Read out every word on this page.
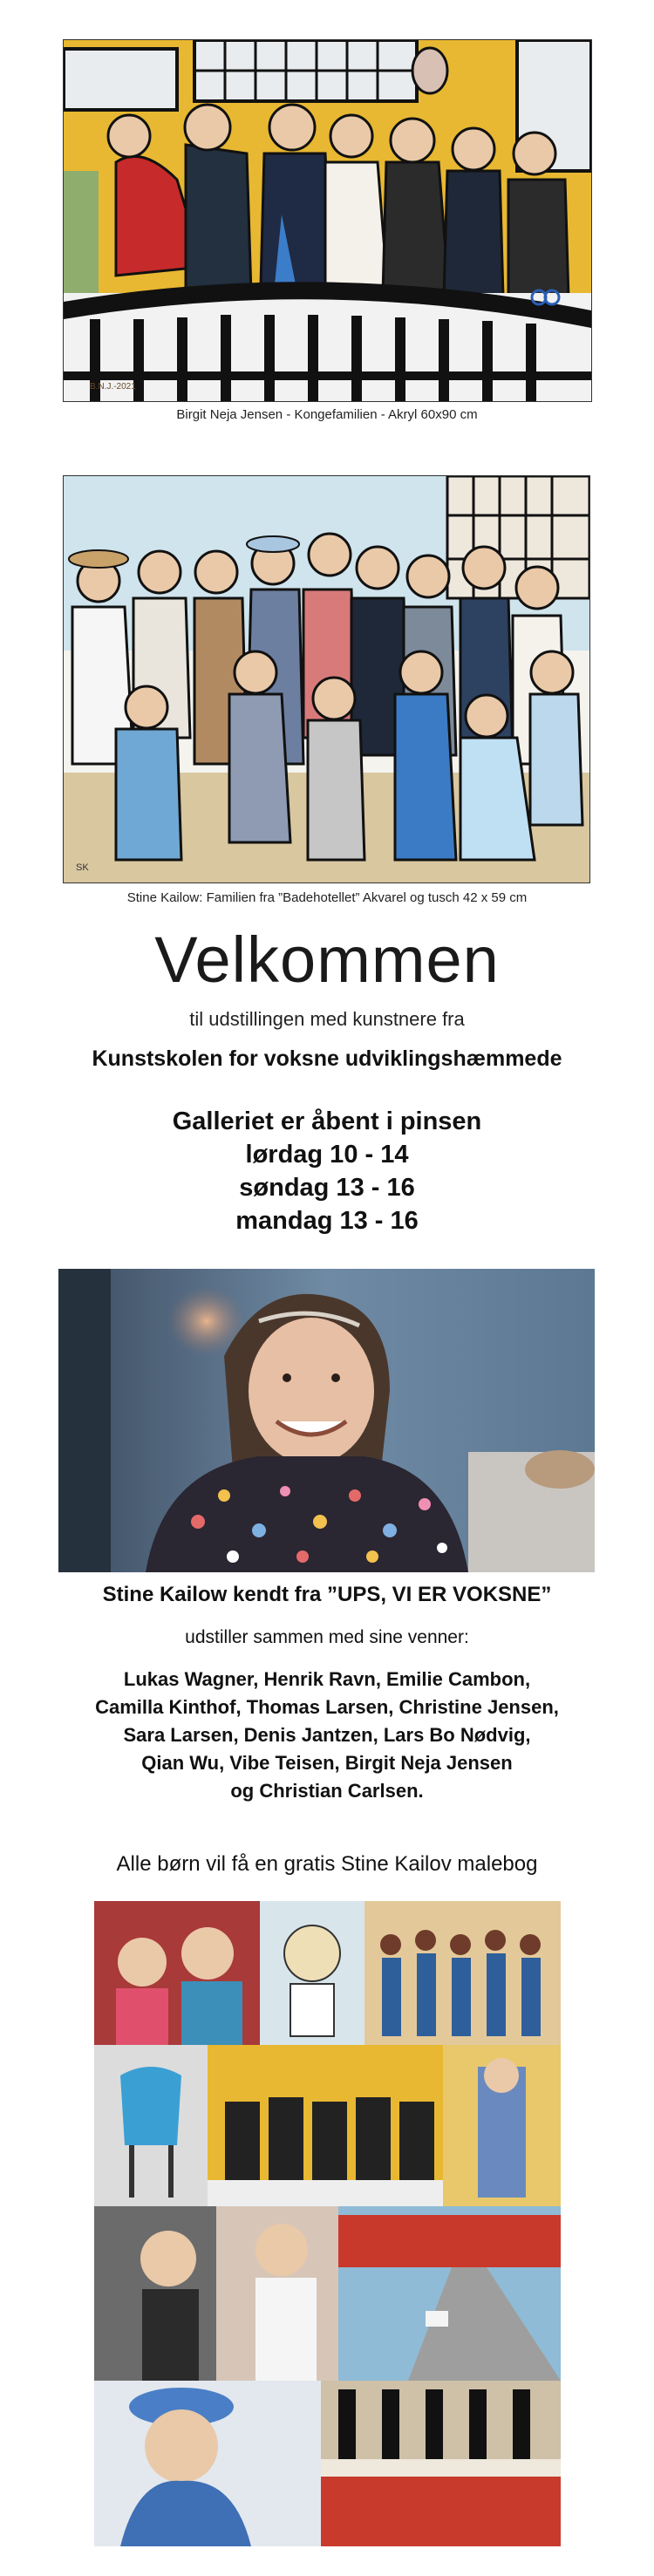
B.N.J.-2021
Birgit Neja Jensen - Kongefamilien - Akryl 60x90 cm
SK
Stine Kailow: Familien fra ”Badehotellet” Akvarel og tusch 42 x 59 cm
Velkommen
til udstillingen med kunstnere fra
Kunstskolen for voksne udviklingshæmmede
Galleriet er åbent i pinsen
lørdag 10 - 14
søndag 13 - 16
mandag 13 - 16
Stine Kailow kendt fra ”UPS, VI ER VOKSNE”
udstiller sammen med sine venner:
Lukas Wagner, Henrik Ravn, Emilie Cambon,
Camilla Kinthof, Thomas Larsen, Christine Jensen,
Sara Larsen, Denis Jantzen, Lars Bo Nødvig,
Qian Wu, Vibe Teisen, Birgit Neja Jensen
og Christian Carlsen.
Alle børn vil få en gratis Stine Kailov malebog
